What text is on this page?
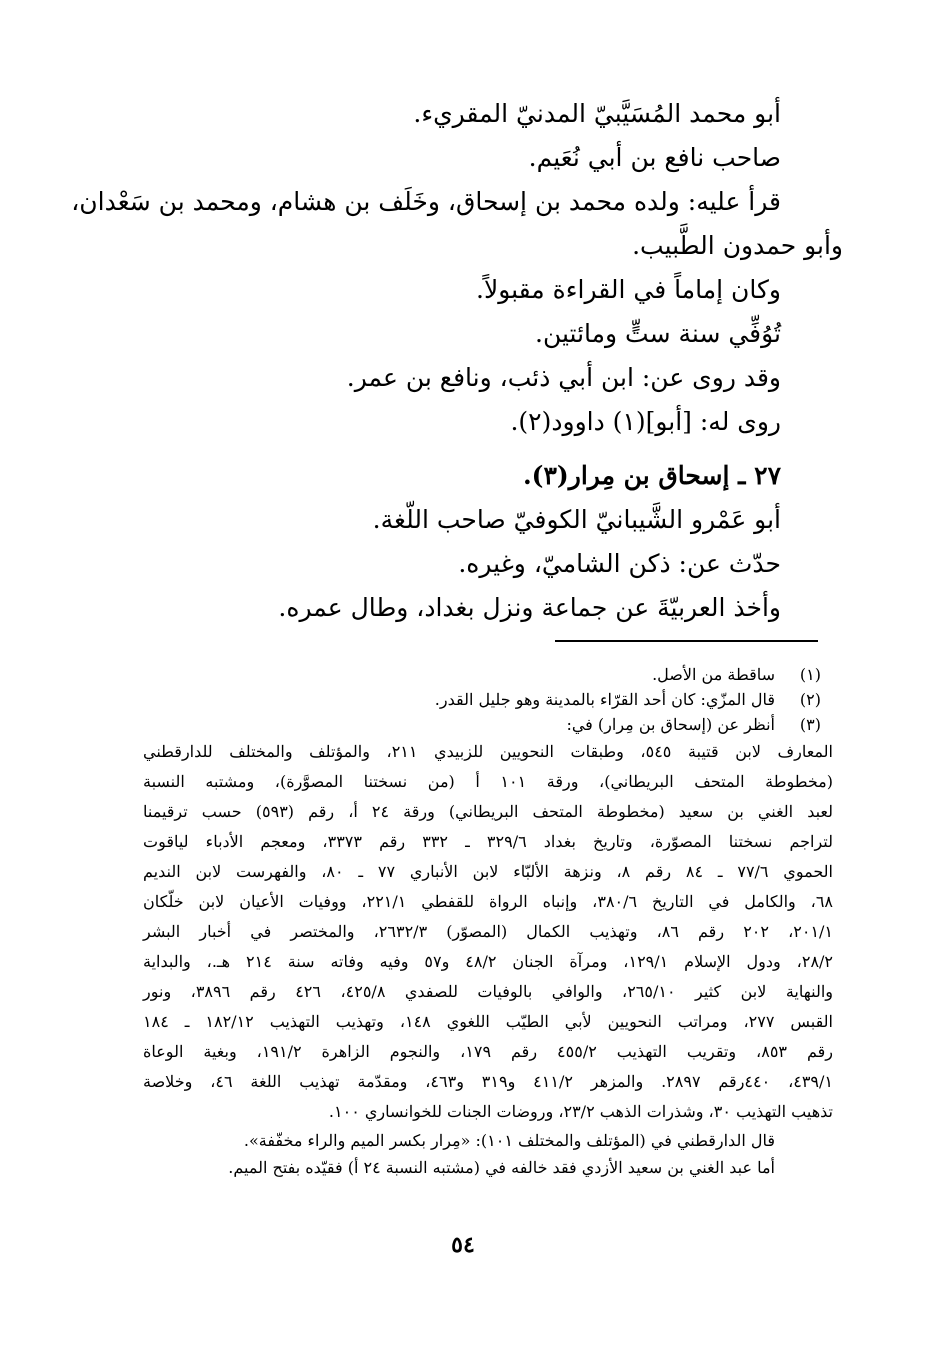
أبو محمد المُسَيَّبيّ المدنيّ المقريء.

صاحب نافع بن أبي نُعَيم.

قرأ عليه: ولده محمد بن إسحاق، وخَلَف بن هشام، ومحمد بن سَعْدان،

وأبو حمدون الطَّبيب.

وكان إماماً في القراءة مقبولاً.

تُوُفِّي سنة ستٍّ ومائتين.

وقد روى عن: ابن أبي ذئب، ونافع بن عمر.

روى له: [أبو](١) داوود(٢).

٢٧ ـ إسحاق بن مِرار(٣).

أبو عَمْرو الشَّيبانيّ الكوفيّ صاحب اللّغة.

حدّث عن: ذكن الشاميّ، وغيره.

وأخذ العربيّةَ عن جماعة ونزل بغداد، وطال عمره.

(١)
ساقطة من الأصل.
(٢)
قال المزّي: كان أحد القرّاء بالمدينة وهو جليل القدر.
(٣)
أنظر عن (إسحاق بن مِرار) في:
المعارف لابن قتيبة ٥٤٥، وطبقات النحويين للزبيدي ٢١١، والمؤتلف والمختلف للدارقطني
(مخطوطة المتحف البريطاني)، ورقة ١٠١ أ (من نسختنا المصوَّرة)، ومشتبه النسبة
لعبد الغني بن سعيد (مخطوطة المتحف البريطاني) ورقة ٢٤ أ، رقم (٥٩٣) حسب ترقيمنا
لتراجم نسختنا المصوّرة، وتاريخ بغداد ٣٢٩/٦ ـ ٣٣٢ رقم ٣٣٧٣، ومعجم الأدباء لياقوت
الحموي ٧٧/٦ ـ ٨٤ رقم ٨، ونزهة الألبّاء لابن الأنباري ٧٧ ـ ٨٠، والفهرست لابن النديم
٦٨، والكامل في التاريخ ٣٨٠/٦، وإنباه الرواة للقفطي ٢٢١/١، ووفيات الأعيان لابن خلّكان
٢٠١/١، ٢٠٢ رقم ٨٦، وتهذيب الكمال (المصوّر) ٢٦٣٢/٣، والمختصر في أخبار البشر
٢٨/٢، ودول الإسلام ١٢٩/١، ومرآة الجنان ٤٨/٢ و٥٧ وفيه وفاته سنة ٢١٤ هـ.، والبداية
والنهاية لابن كثير ٢٦٥/١٠، والوافي بالوفيات للصفدي ٤٢٥/٨، ٤٢٦ رقم ٣٨٩٦، ونور
القبس ٢٧٧، ومراتب النحويين لأبي الطيّب اللغوي ١٤٨، وتهذيب التهذيب ١٨٢/١٢ ـ ١٨٤
رقم ٨٥٣، وتقريب التهذيب ٤٥٥/٢ رقم ١٧٩، والنجوم الزاهرة ١٩١/٢، وبغية الوعاة
٤٣٩/١، ٤٤٠رقم ٢٨٩٧. والمزهر ٤١١/٢ و٣١٩ و٤٦٣، ومقدّمة تهذيب اللغة ٤٦، وخلاصة
تذهيب التهذيب ٣٠، وشذرات الذهب ٢٣/٢، وروضات الجنات للخوانساري ١٠٠.
قال الدارقطني في (المؤتلف والمختلف ١٠١): «مِرار بكسر الميم والراء مخفّفة».
أما عبد الغني بن سعيد الأزدي فقد خالفه في (مشتبه النسبة ٢٤ أ) فقيّده بفتح الميم.
٥٤
